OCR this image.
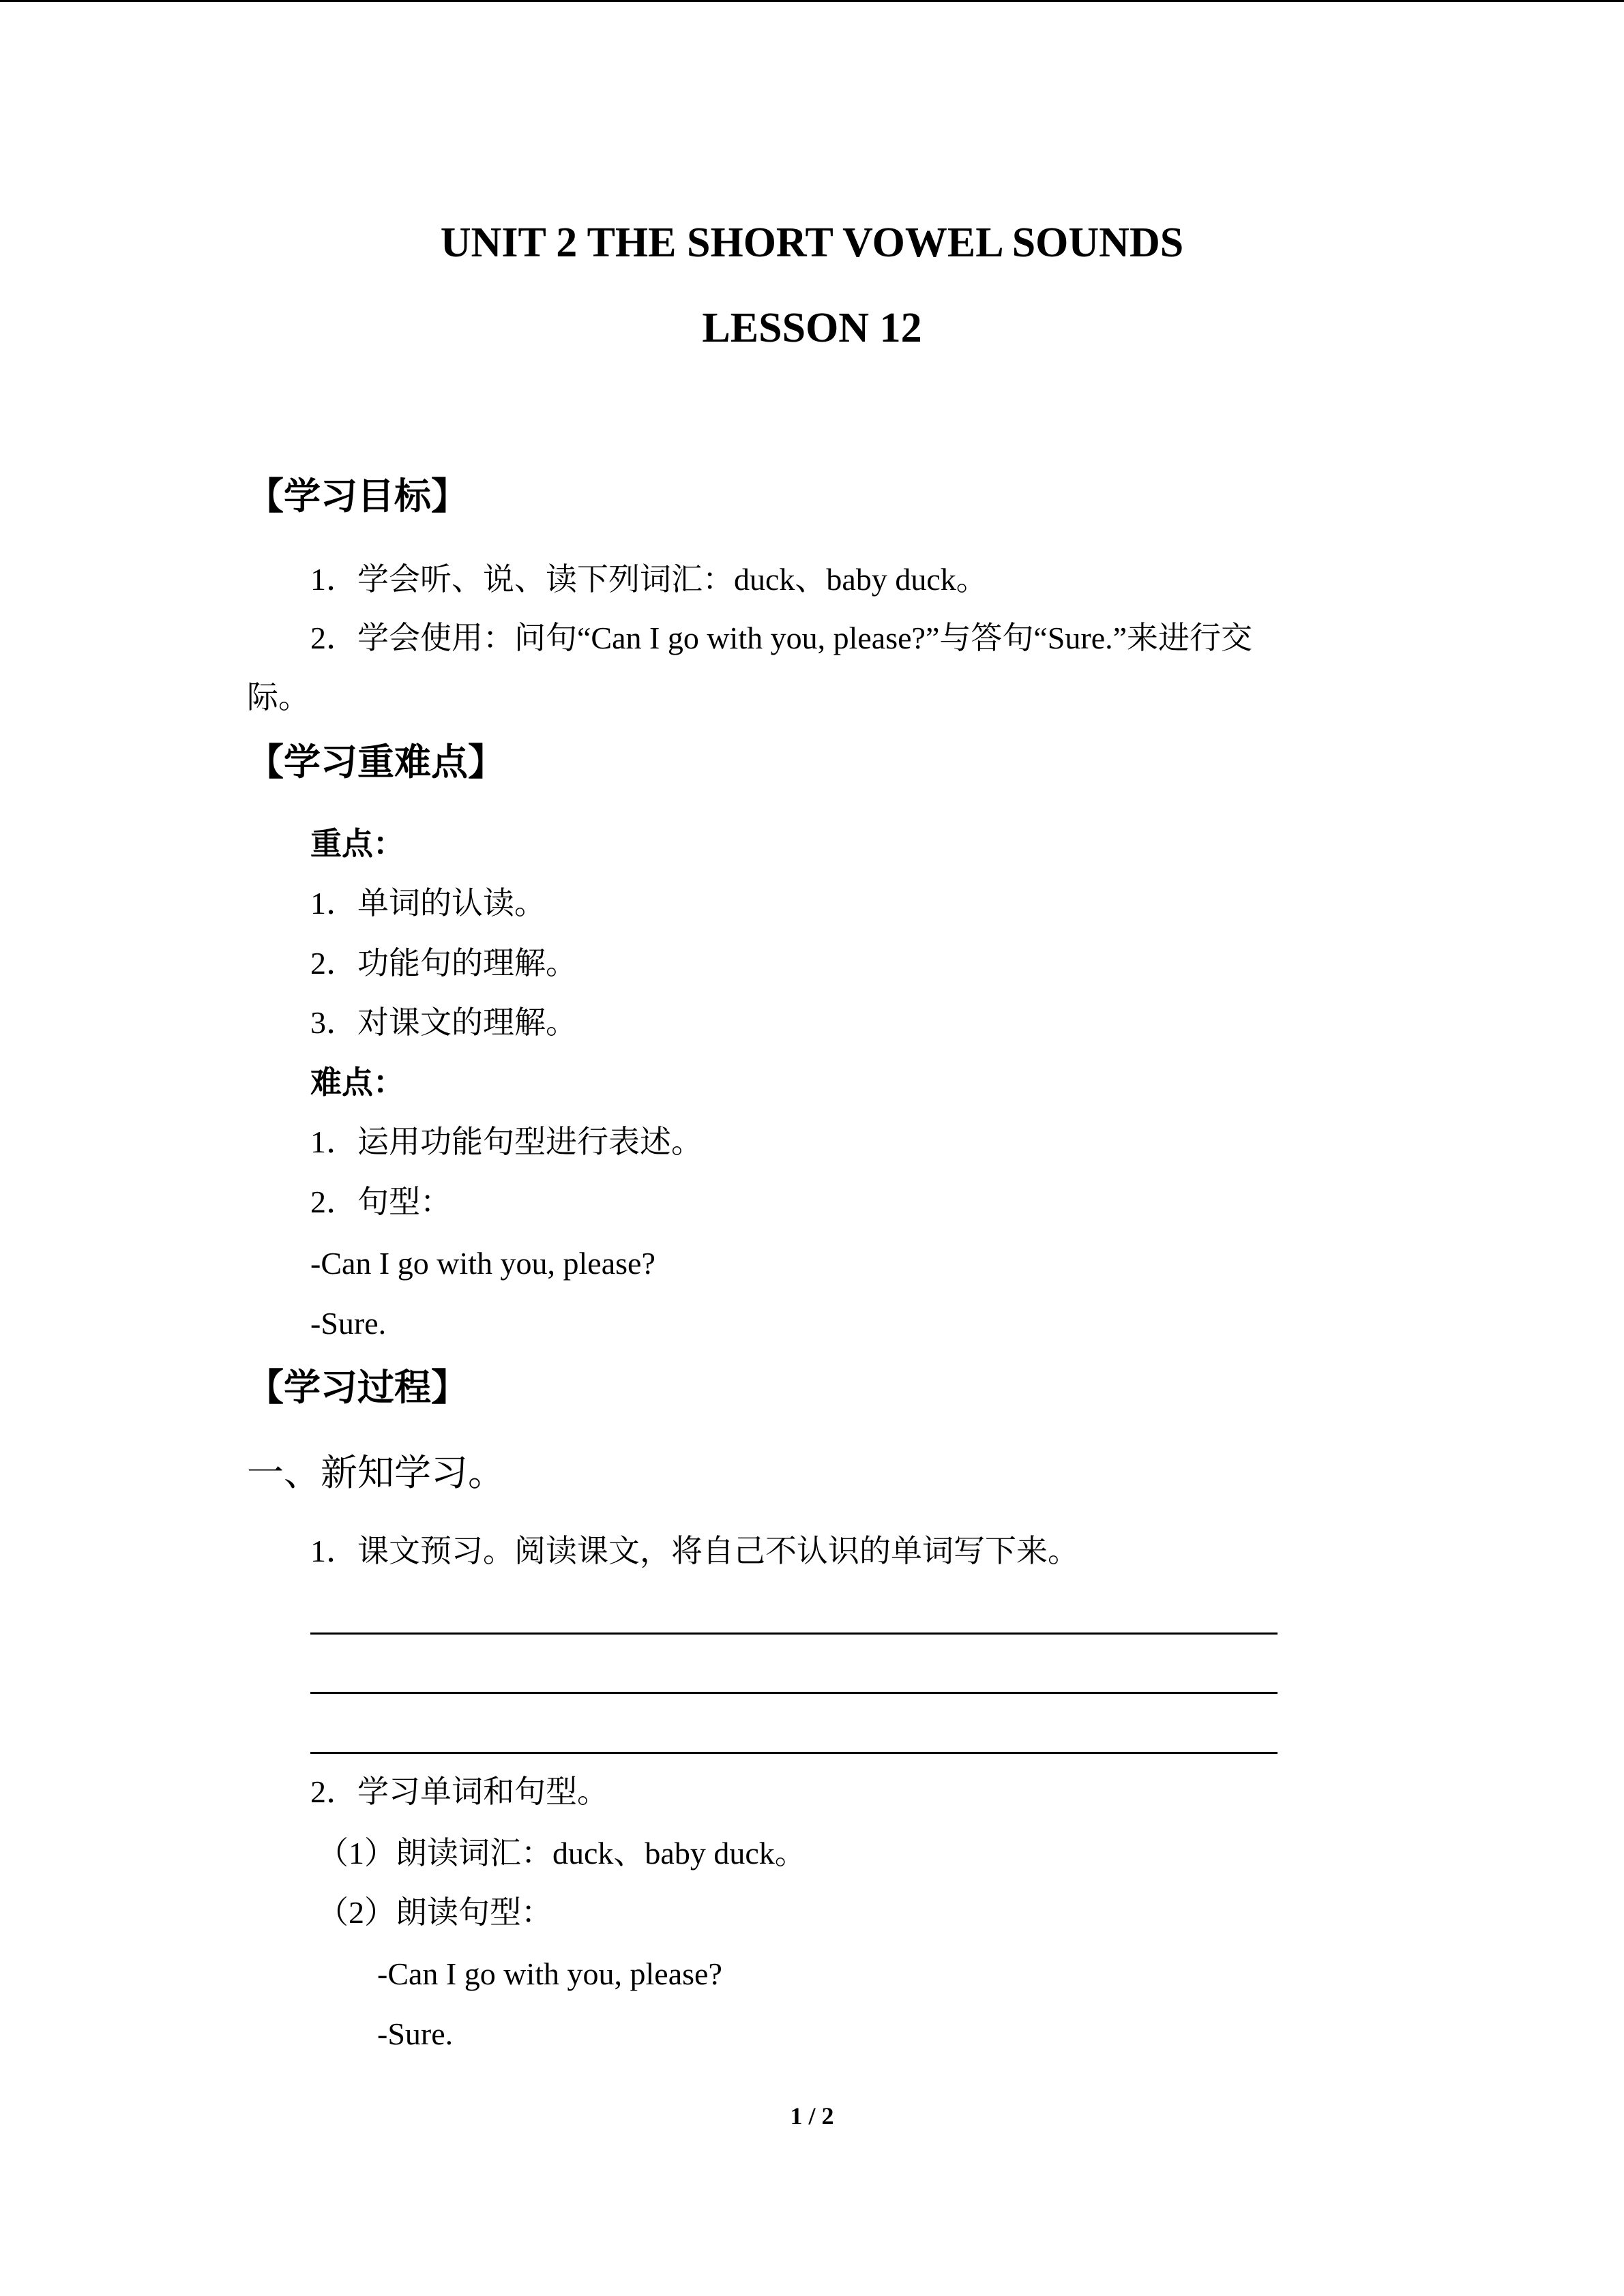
UNIT 2 THE SHORT VOWEL SOUNDS
LESSON 12
【学习目标】
1．学会听、说、读下列词汇：duck、baby duck。
2．学会使用：问句“Can I go with you, please?”与答句“Sure.”来进行交
际。
【学习重难点】
重点：
1．单词的认读。
2．功能句的理解。
3．对课文的理解。
难点：
1．运用功能句型进行表述。
2．句型：
-Can I go with you, please?
-Sure.
【学习过程】
一、新知学习。
1．课文预习。阅读课文，将自己不认识的单词写下来。
2．学习单词和句型。
（1）朗读词汇：duck、baby duck。
（2）朗读句型：
-Can I go with you, please?
-Sure.
1 / 2
